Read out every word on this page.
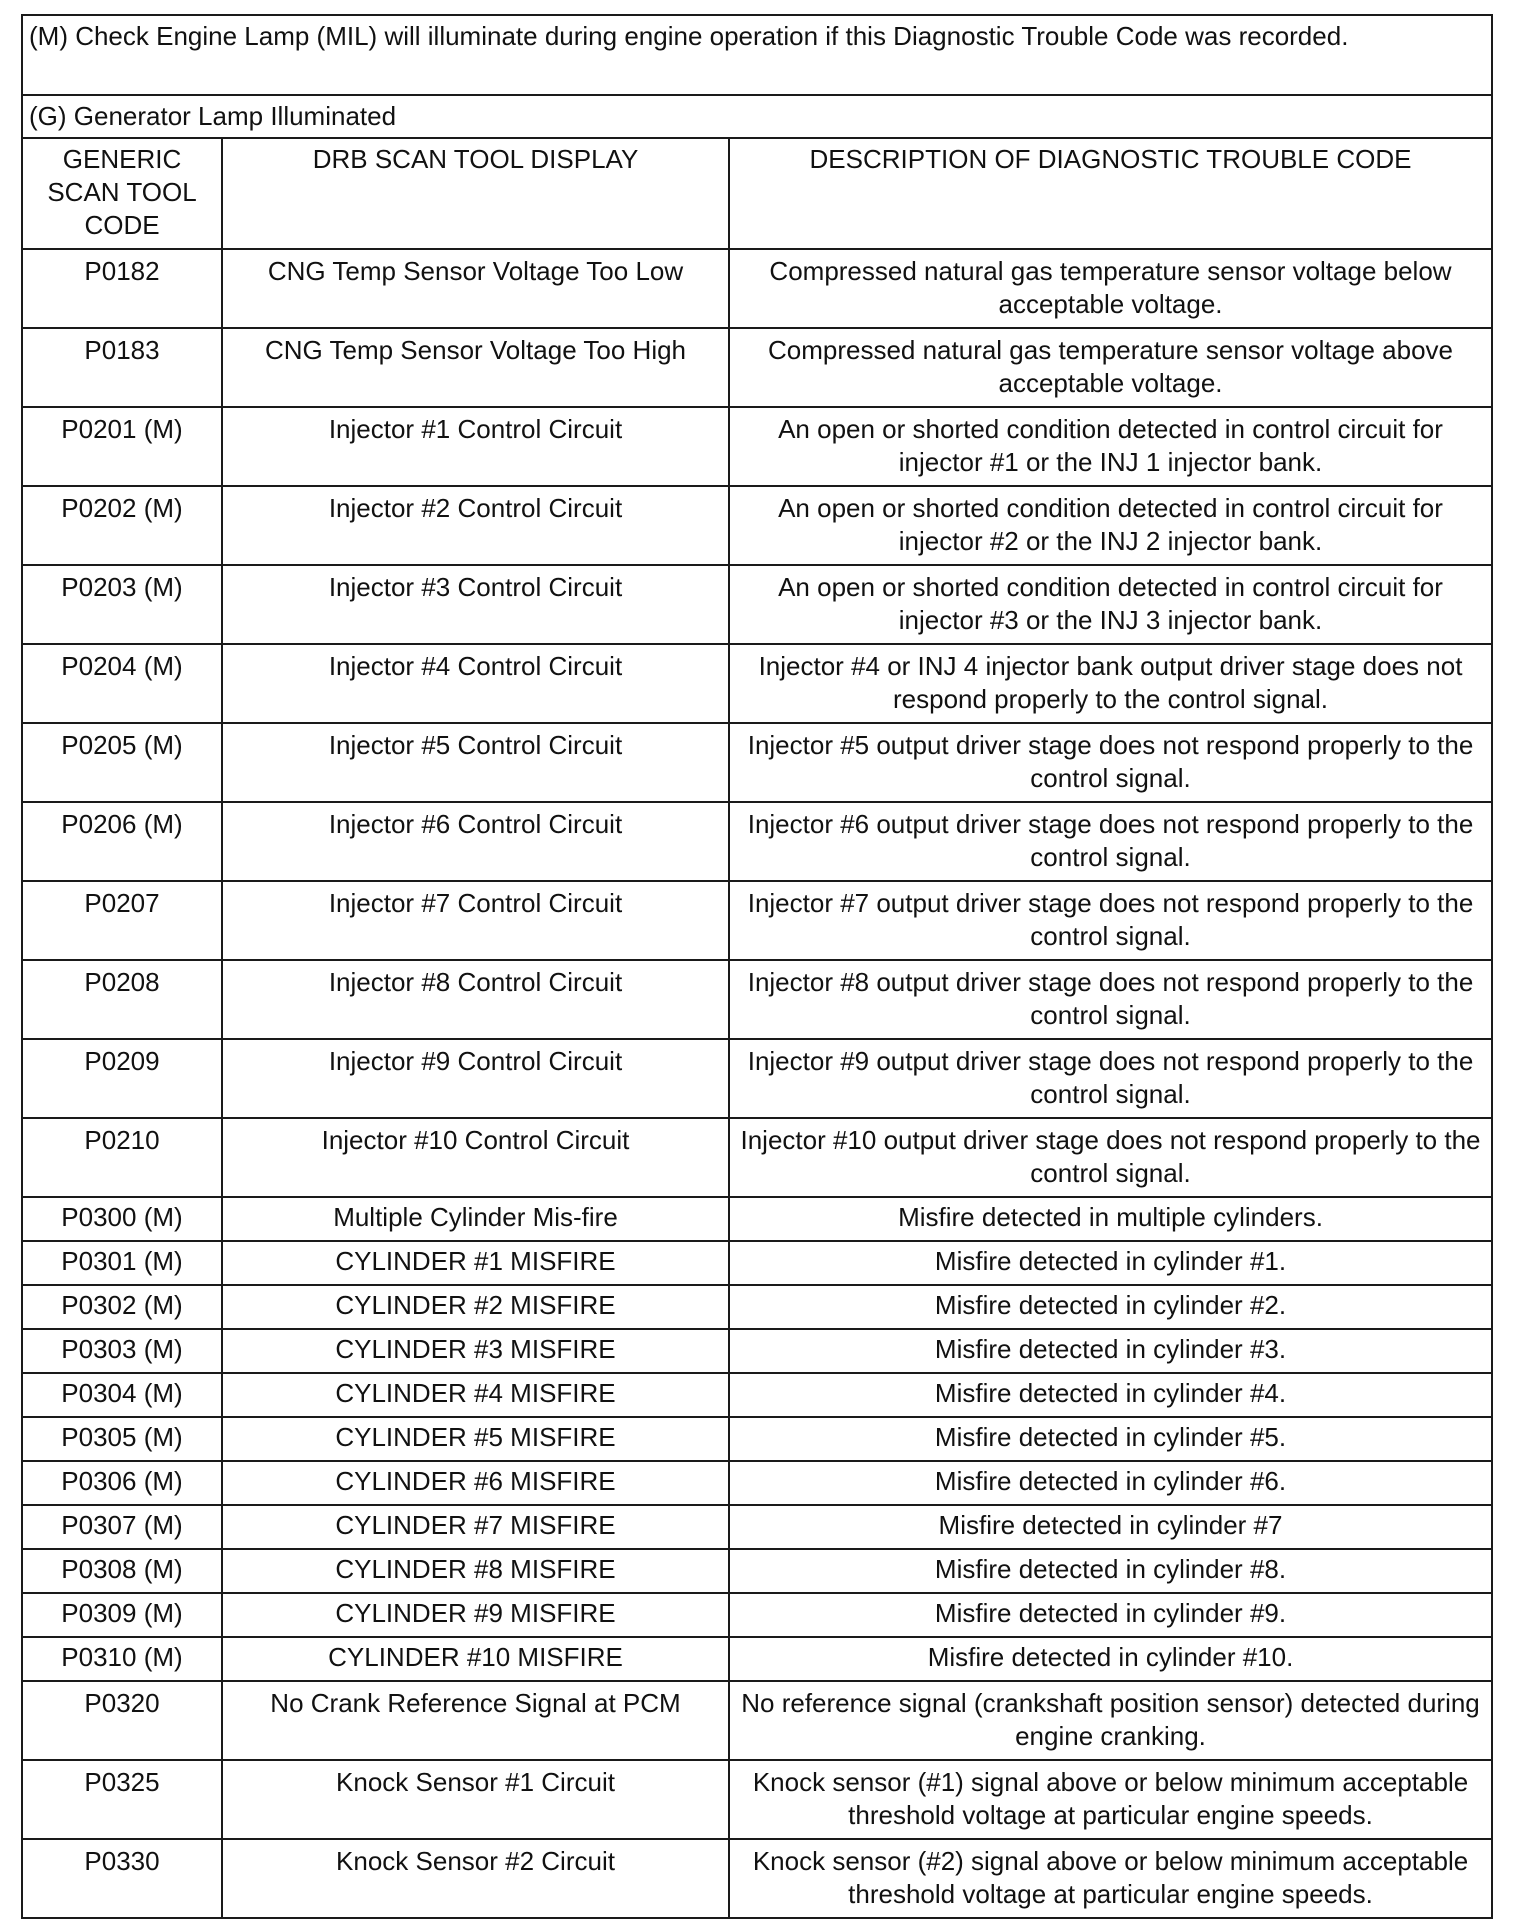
(M) Check Engine Lamp (MIL) will illuminate during engine operation if this Diagnostic Trouble Code was recorded.		
(G) Generator Lamp Illuminated		
GENERIC SCAN TOOL CODE	DRB SCAN TOOL DISPLAY	DESCRIPTION OF DIAGNOSTIC TROUBLE CODE
P0182	CNG Temp Sensor Voltage Too Low	Compressed natural gas temperature sensor voltage below acceptable voltage.
P0183	CNG Temp Sensor Voltage Too High	Compressed natural gas temperature sensor voltage above acceptable voltage.
P0201 (M)	Injector #1 Control Circuit	An open or shorted condition detected in control circuit for injector #1 or the INJ 1 injector bank.
P0202 (M)	Injector #2 Control Circuit	An open or shorted condition detected in control circuit for injector #2 or the INJ 2 injector bank.
P0203 (M)	Injector #3 Control Circuit	An open or shorted condition detected in control circuit for injector #3 or the INJ 3 injector bank.
P0204 (M)	Injector #4 Control Circuit	Injector #4 or INJ 4 injector bank output driver stage does not respond properly to the control signal.
P0205 (M)	Injector #5 Control Circuit	Injector #5 output driver stage does not respond properly to the control signal.
P0206 (M)	Injector #6 Control Circuit	Injector #6 output driver stage does not respond properly to the control signal.
P0207	Injector #7 Control Circuit	Injector #7 output driver stage does not respond properly to the control signal.
P0208	Injector #8 Control Circuit	Injector #8 output driver stage does not respond properly to the control signal.
P0209	Injector #9 Control Circuit	Injector #9 output driver stage does not respond properly to the control signal.
P0210	Injector #10 Control Circuit	Injector #10 output driver stage does not respond properly to the control signal.
P0300 (M)	Multiple Cylinder Mis-fire	Misfire detected in multiple cylinders.
P0301 (M)	CYLINDER #1 MISFIRE	Misfire detected in cylinder #1.
P0302 (M)	CYLINDER #2 MISFIRE	Misfire detected in cylinder #2.
P0303 (M)	CYLINDER #3 MISFIRE	Misfire detected in cylinder #3.
P0304 (M)	CYLINDER #4 MISFIRE	Misfire detected in cylinder #4.
P0305 (M)	CYLINDER #5 MISFIRE	Misfire detected in cylinder #5.
P0306 (M)	CYLINDER #6 MISFIRE	Misfire detected in cylinder #6.
P0307 (M)	CYLINDER #7 MISFIRE	Misfire detected in cylinder #7
P0308 (M)	CYLINDER #8 MISFIRE	Misfire detected in cylinder #8.
P0309 (M)	CYLINDER #9 MISFIRE	Misfire detected in cylinder #9.
P0310 (M)	CYLINDER #10 MISFIRE	Misfire detected in cylinder #10.
P0320	No Crank Reference Signal at PCM	No reference signal (crankshaft position sensor) detected during engine cranking.
P0325	Knock Sensor #1 Circuit	Knock sensor (#1) signal above or below minimum acceptable threshold voltage at particular engine speeds.
P0330	Knock Sensor #2 Circuit	Knock sensor (#2) signal above or below minimum acceptable threshold voltage at particular engine speeds.
